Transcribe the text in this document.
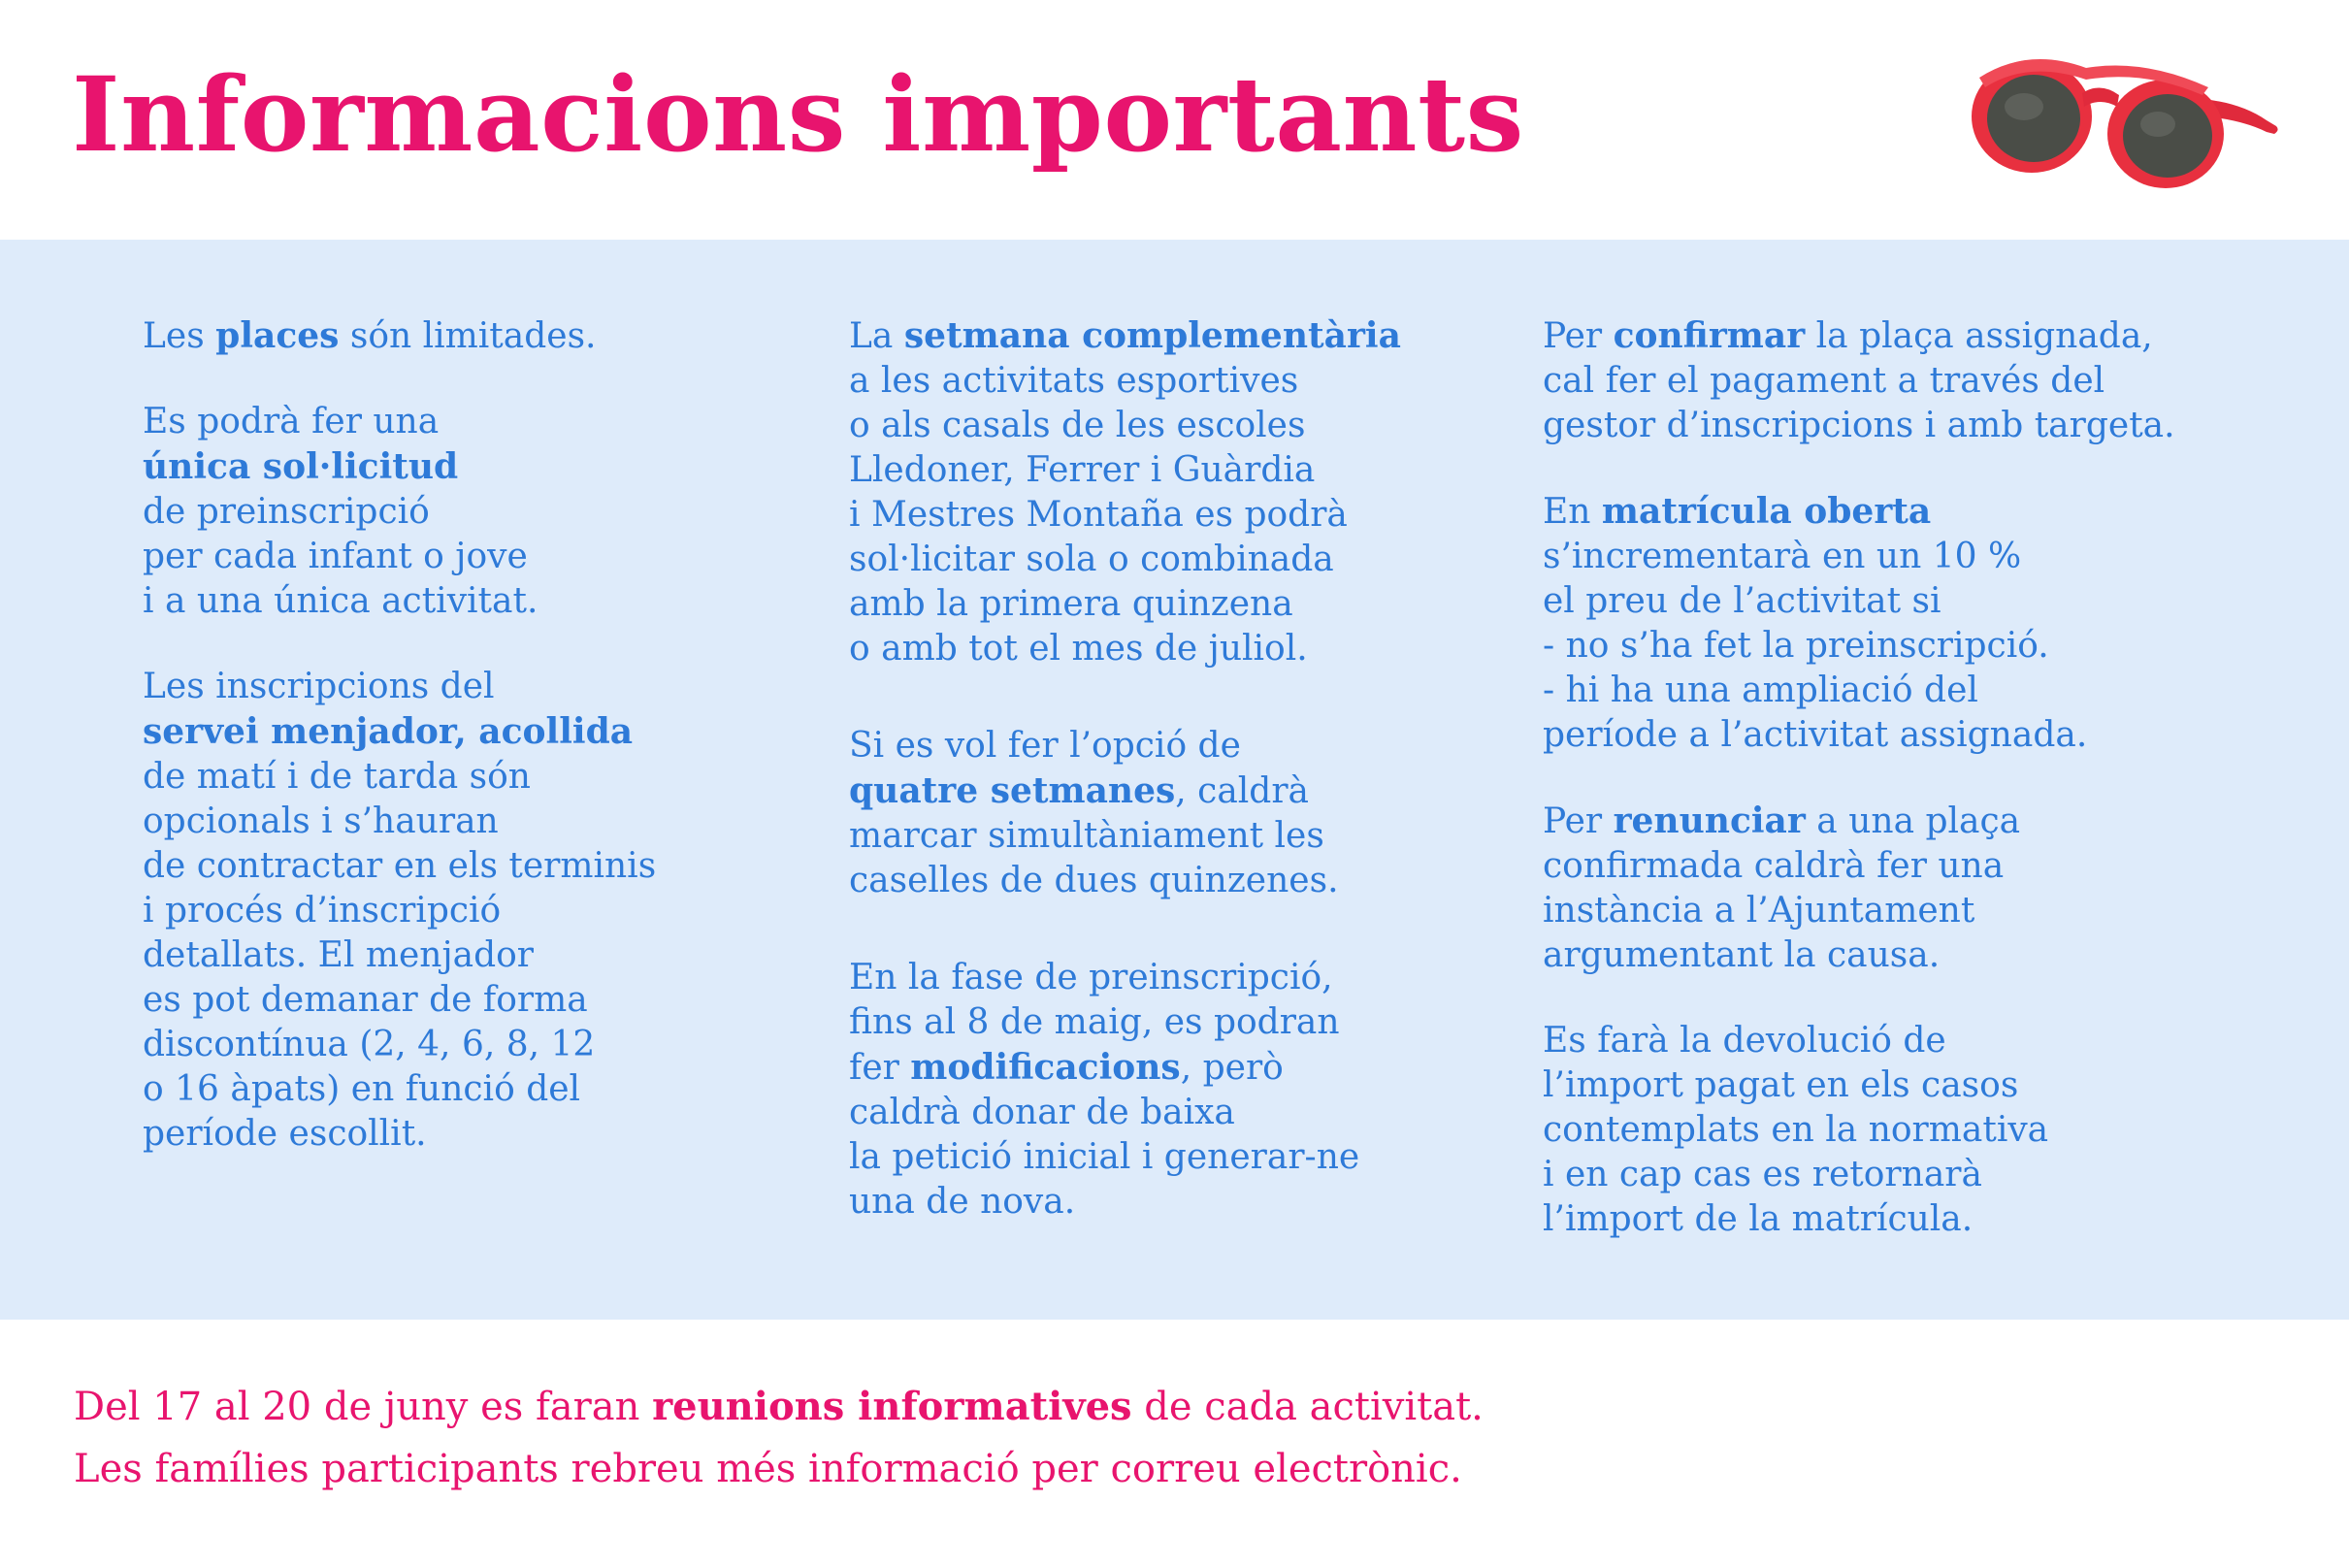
Informacions importants

Les places són limitades.

Es podrà fer una
única sol·licitud
de preinscripció
per cada infant o jove
i a una única activitat.

Les inscripcions del
servei menjador, acollida
de matí i de tarda són
opcionals i s’hauran
de contractar en els terminis
i procés d’inscripció
detallats. El menjador
es pot demanar de forma
discontínua (2, 4, 6, 8, 12
o 16 àpats) en funció del
període escollit.

La setmana complementària
a les activitats esportives
o als casals de les escoles
Lledoner, Ferrer i Guàrdia
i Mestres Montaña es podrà
sol·licitar sola o combinada
amb la primera quinzena
o amb tot el mes de juliol.

Si es vol fer l’opció de
quatre setmanes, caldrà
marcar simultàniament les
caselles de dues quinzenes.

En la fase de preinscripció,
fins al 8 de maig, es podran
fer modificacions, però
caldrà donar de baixa
la petició inicial i generar-ne
una de nova.

Per confirmar la plaça assignada,
cal fer el pagament a través del
gestor d’inscripcions i amb targeta.

En matrícula oberta
s’incrementarà en un 10 %
el preu de l’activitat si
- no s’ha fet la preinscripció.
- hi ha una ampliació del
període a l’activitat assignada.

Per renunciar a una plaça
confirmada caldrà fer una
instància a l’Ajuntament
argumentant la causa.

Es farà la devolució de
l’import pagat en els casos
contemplats en la normativa
i en cap cas es retornarà
l’import de la matrícula.

Del 17 al 20 de juny es faran reunions informatives de cada activitat.

Les famílies participants rebreu més informació per correu electrònic.
